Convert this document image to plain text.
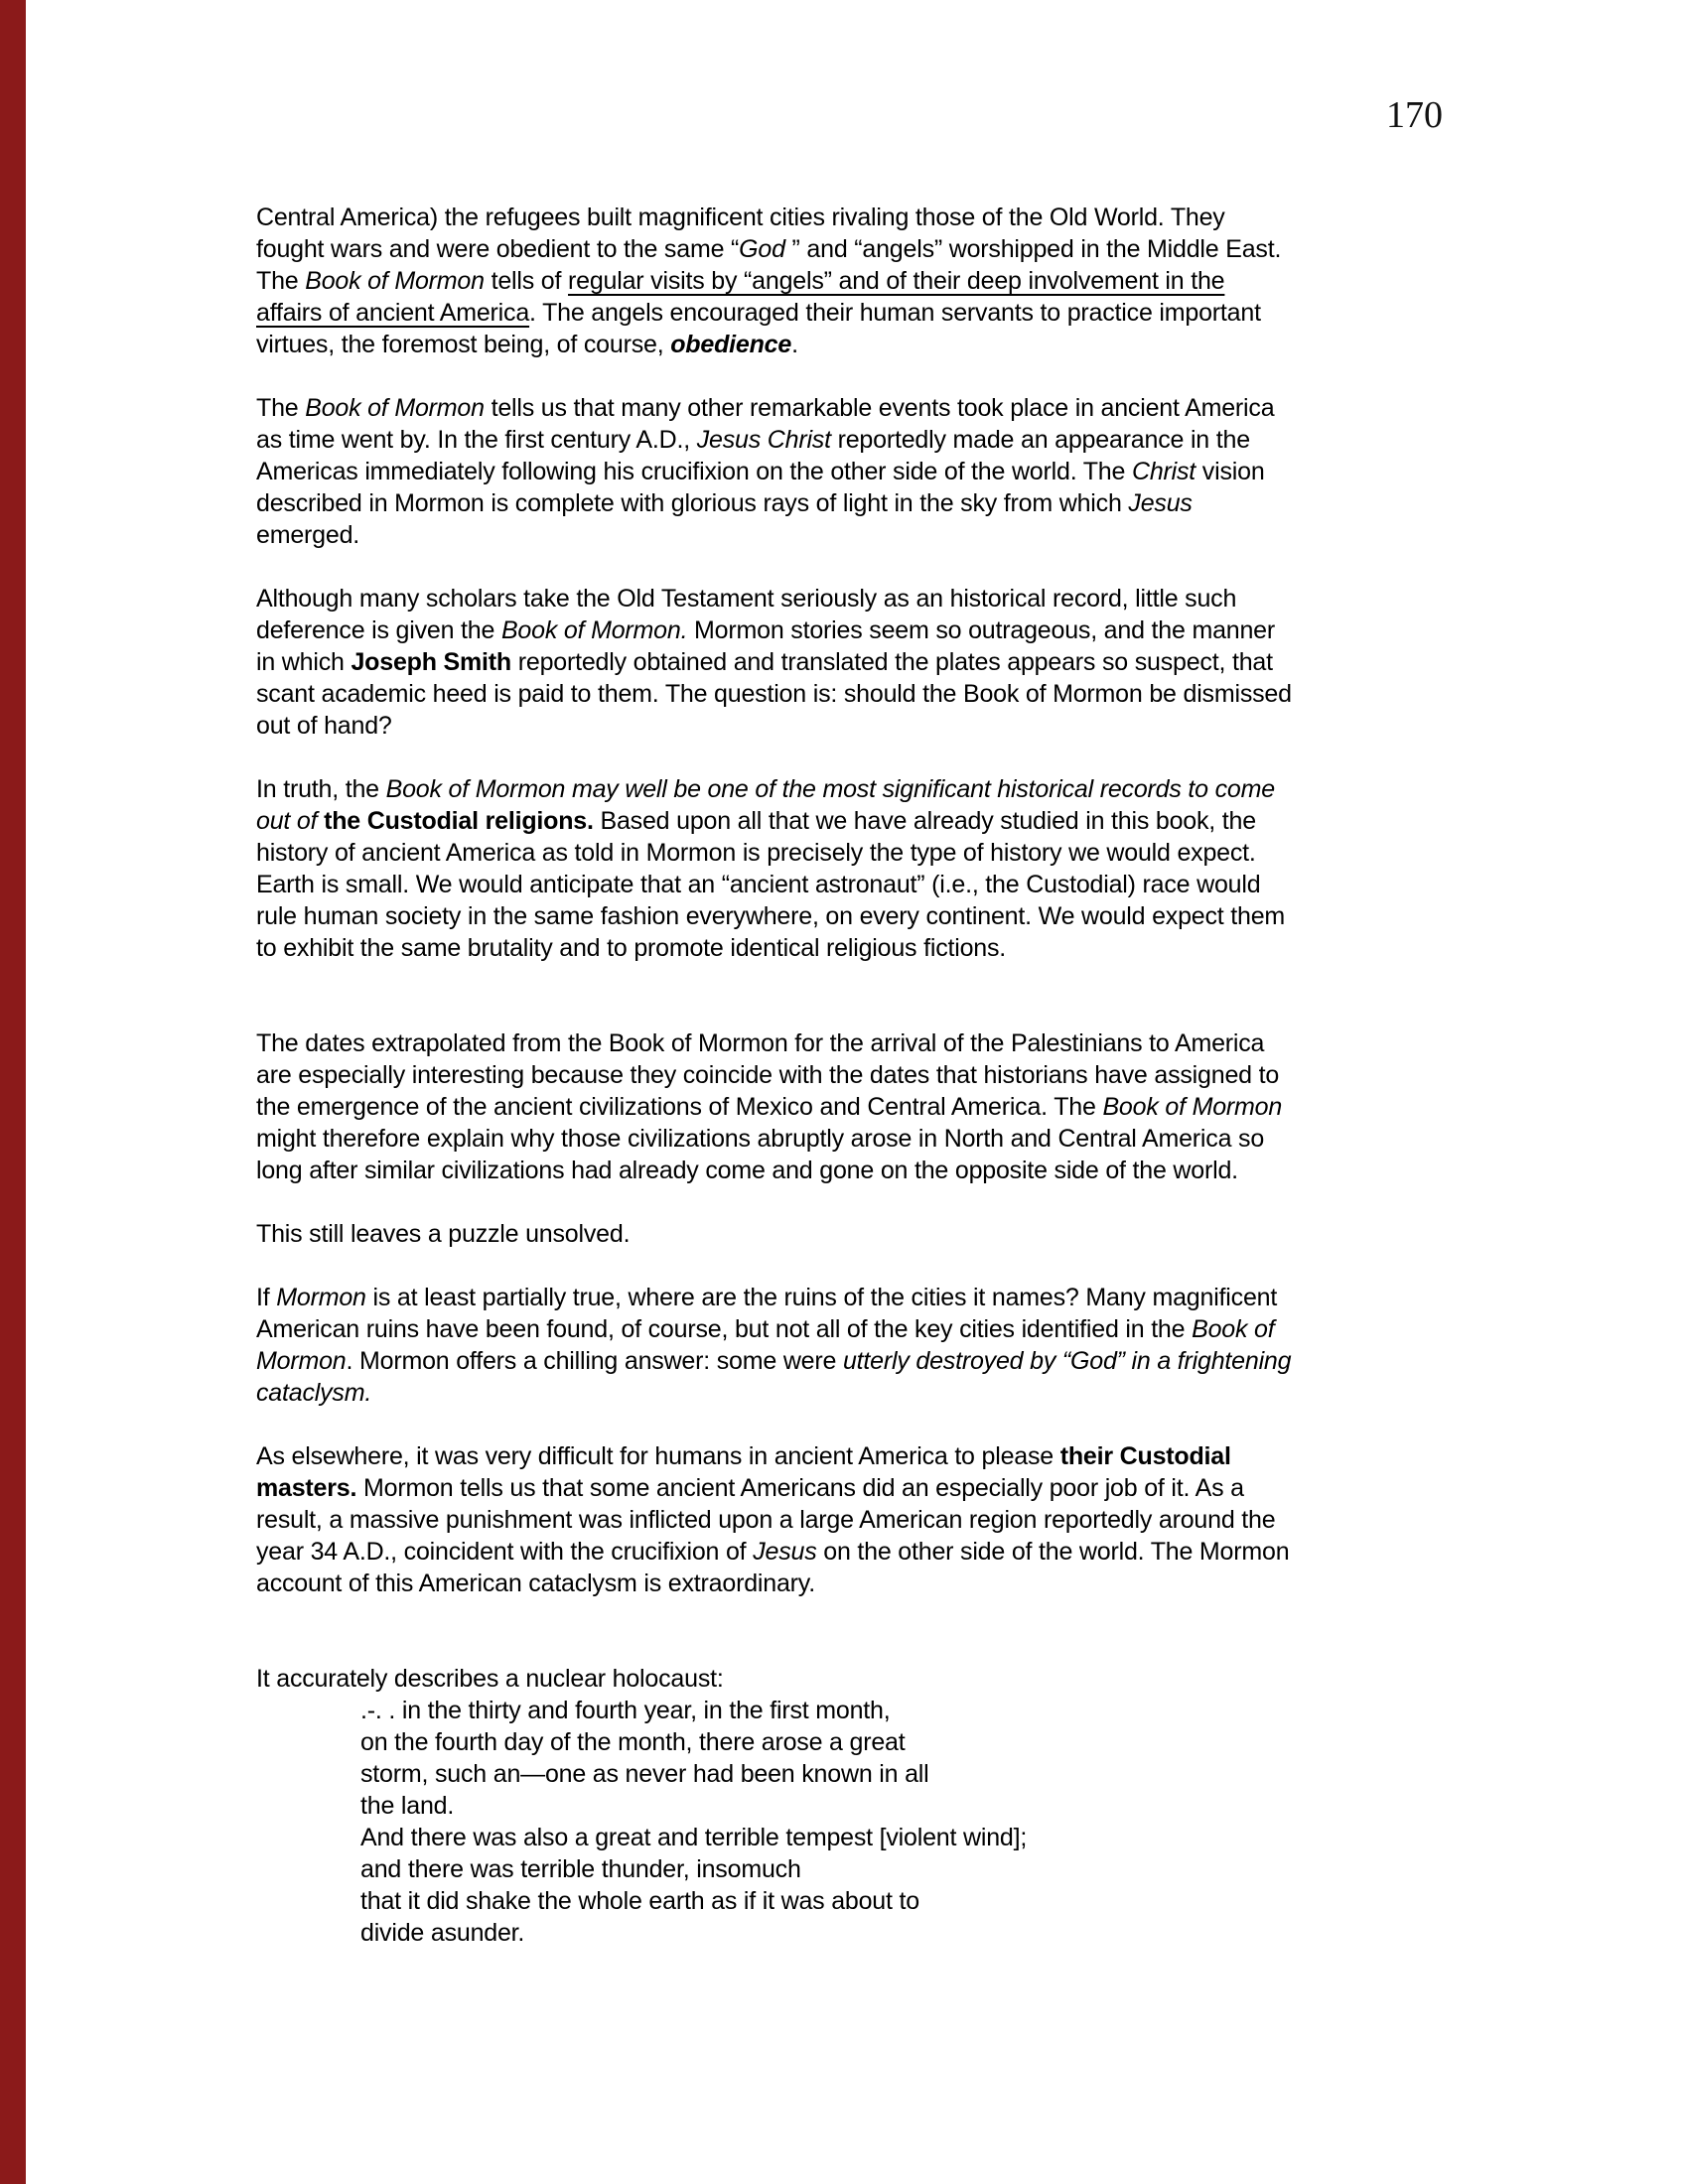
170
Central America) the refugees built magnificent cities rivaling those of the Old World. They
fought wars and were obedient to the same “God ” and “angels” worshipped in the Middle East.
The Book of Mormon tells of regular visits by “angels” and of their deep involvement in the
affairs of ancient America. The angels encouraged their human servants to practice important
virtues, the foremost being, of course, obedience.
The Book of Mormon tells us that many other remarkable events took place in ancient America
as time went by. In the first century A.D., Jesus Christ reportedly made an appearance in the
Americas immediately following his crucifixion on the other side of the world. The Christ vision
described in Mormon is complete with glorious rays of light in the sky from which Jesus
emerged.
Although many scholars take the Old Testament seriously as an historical record, little such
deference is given the Book of Mormon. Mormon stories seem so outrageous, and the manner
in which Joseph Smith reportedly obtained and translated the plates appears so suspect, that
scant academic heed is paid to them. The question is: should the Book of Mormon be dismissed
out of hand?
In truth, the Book of Mormon may well be one of the most significant historical records to come
out of the Custodial religions. Based upon all that we have already studied in this book, the
history of ancient America as told in Mormon is precisely the type of history we would expect.
Earth is small. We would anticipate that an “ancient astronaut” (i.e., the Custodial) race would
rule human society in the same fashion everywhere, on every continent. We would expect them
to exhibit the same brutality and to promote identical religious fictions.
The dates extrapolated from the Book of Mormon for the arrival of the Palestinians to America
are especially interesting because they coincide with the dates that historians have assigned to
the emergence of the ancient civilizations of Mexico and Central America. The Book of Mormon
might therefore explain why those civilizations abruptly arose in North and Central America so
long after similar civilizations had already come and gone on the opposite side of the world.
This still leaves a puzzle unsolved.
If Mormon is at least partially true, where are the ruins of the cities it names? Many magnificent
American ruins have been found, of course, but not all of the key cities identified in the Book of
Mormon. Mormon offers a chilling answer: some were utterly destroyed by “God” in a frightening
cataclysm.
As elsewhere, it was very difficult for humans in ancient America to please their Custodial
masters. Mormon tells us that some ancient Americans did an especially poor job of it. As a
result, a massive punishment was inflicted upon a large American region reportedly around the
year 34 A.D., coincident with the crucifixion of Jesus on the other side of the world. The Mormon
account of this American cataclysm is extraordinary.
It accurately describes a nuclear holocaust:
.-. . in the thirty and fourth year, in the first month,
on the fourth day of the month, there arose a great
storm, such an—one as never had been known in all
the land.
And there was also a great and terrible tempest [violent wind];
and there was terrible thunder, insomuch
that it did shake the whole earth as if it was about to
divide asunder.
